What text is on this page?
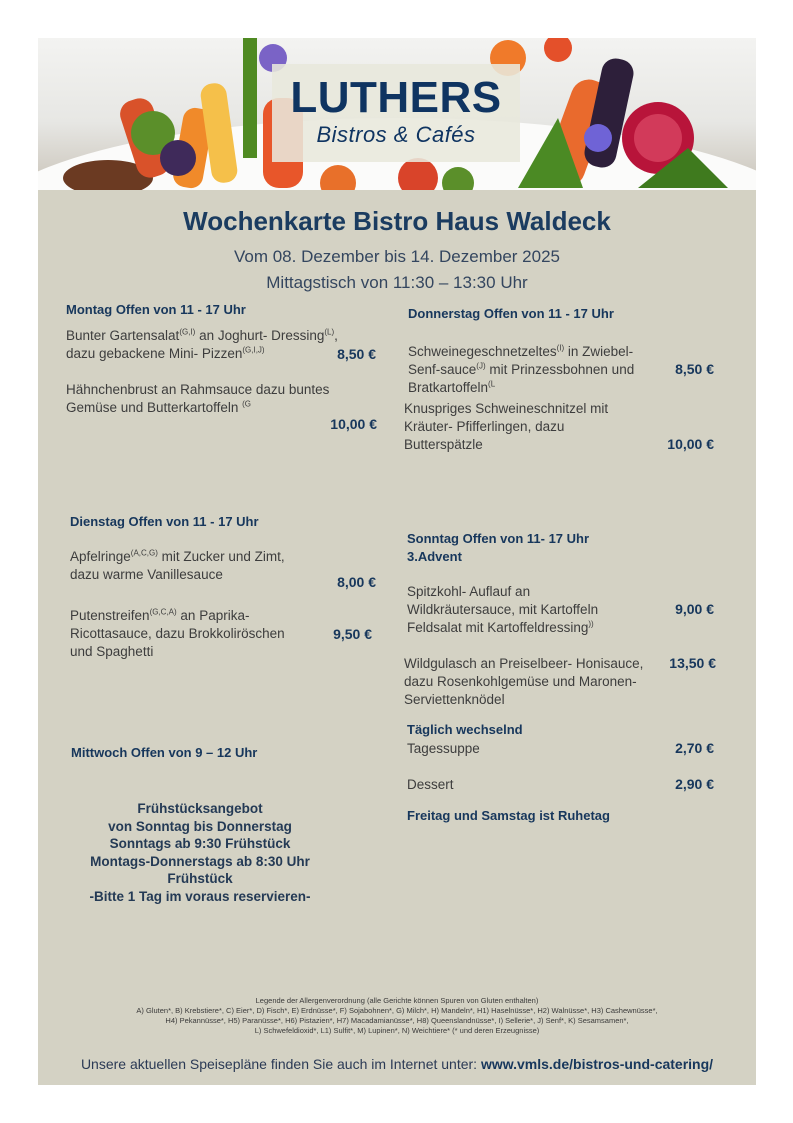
LUTHERS
Bistros & Cafés
Wochenkarte Bistro Haus Waldeck
Vom 08. Dezember bis 14. Dezember 2025
Mittagstisch von 11:30 – 13:30 Uhr
Montag Offen von 11 - 17 Uhr
Bunter Gartensalat$^{(G,I)}$ an Joghurt- Dressing$^{(L)}$,
dazu gebackene Mini- Pizzen$^{(G,I,J)}$	8,50 €
Hähnchenbrust an Rahmsauce dazu buntes
Gemüse und Butterkartoffeln $^{(G}$
10,00 €
Dienstag Offen von 11 - 17 Uhr
Apfelringe$^{(A,C,G)}$ mit Zucker und Zimt,
dazu warme Vanillesauce	8,00 €
Putenstreifen$^{(G,C,A)}$ an Paprika-
Ricottasauce, dazu Brokkoliröschen
und Spaghetti
9,50 €
Mittwoch Offen von 9 – 12 Uhr
Frühstücksangebot
von Sonntag bis Donnerstag
Sonntags ab 9:30 Frühstück
Montags-Donnerstags ab 8:30 Uhr
Frühstück
-Bitte 1 Tag im voraus reservieren-
Donnerstag Offen von 11 - 17 Uhr
Schweinegeschnetzeltes$^{(I)}$ in Zwiebel-
Senf-sauce$^{(J)}$ mit Prinzessbohnen und
Bratkartoffeln$^{(L}$
8,50 €
Knuspriges Schweineschnitzel mit
Kräuter- Pfifferlingen, dazu
Butterspätzle	10,00 €
Sonntag Offen von 11- 17 Uhr
3.Advent
Spitzkohl- Auflauf an
Wildkräutersauce, mit Kartoffeln
Feldsalat mit Kartoffeldressing))
9,00 €
Wildgulasch an Preiselbeer- Honisauce,
dazu Rosenkohlgemüse und Maronen-
Serviettenknödel
13,50 €
Täglich wechselnd
Tagessuppe	2,70 €
Dessert	2,90 €
Freitag und Samstag ist Ruhetag
Legende der Allergenverordnung (alle Gerichte können Spuren von Gluten enthalten)
A) Gluten*, B) Krebstiere*, C) Eier*, D) Fisch*, E) Erdnüsse*, F) Sojabohnen*, G) Milch*, H) Mandeln*, H1) Haselnüsse*, H2) Walnüsse*, H3) Cashewnüsse*,
H4) Pekannüsse*, H5) Paranüsse*, H6) Pistazien*, H7) Macadamianüsse*, H8) Queenslandnüsse*, I) Sellerie*, J) Senf*, K) Sesamsamen*,
L) Schwefeldioxid*, L1) Sulfit*, M) Lupinen*, N) Weichtiere* (* und deren Erzeugnisse)
Unsere aktuellen Speisepläne finden Sie auch im Internet unter: www.vmls.de/bistros-und-catering/
